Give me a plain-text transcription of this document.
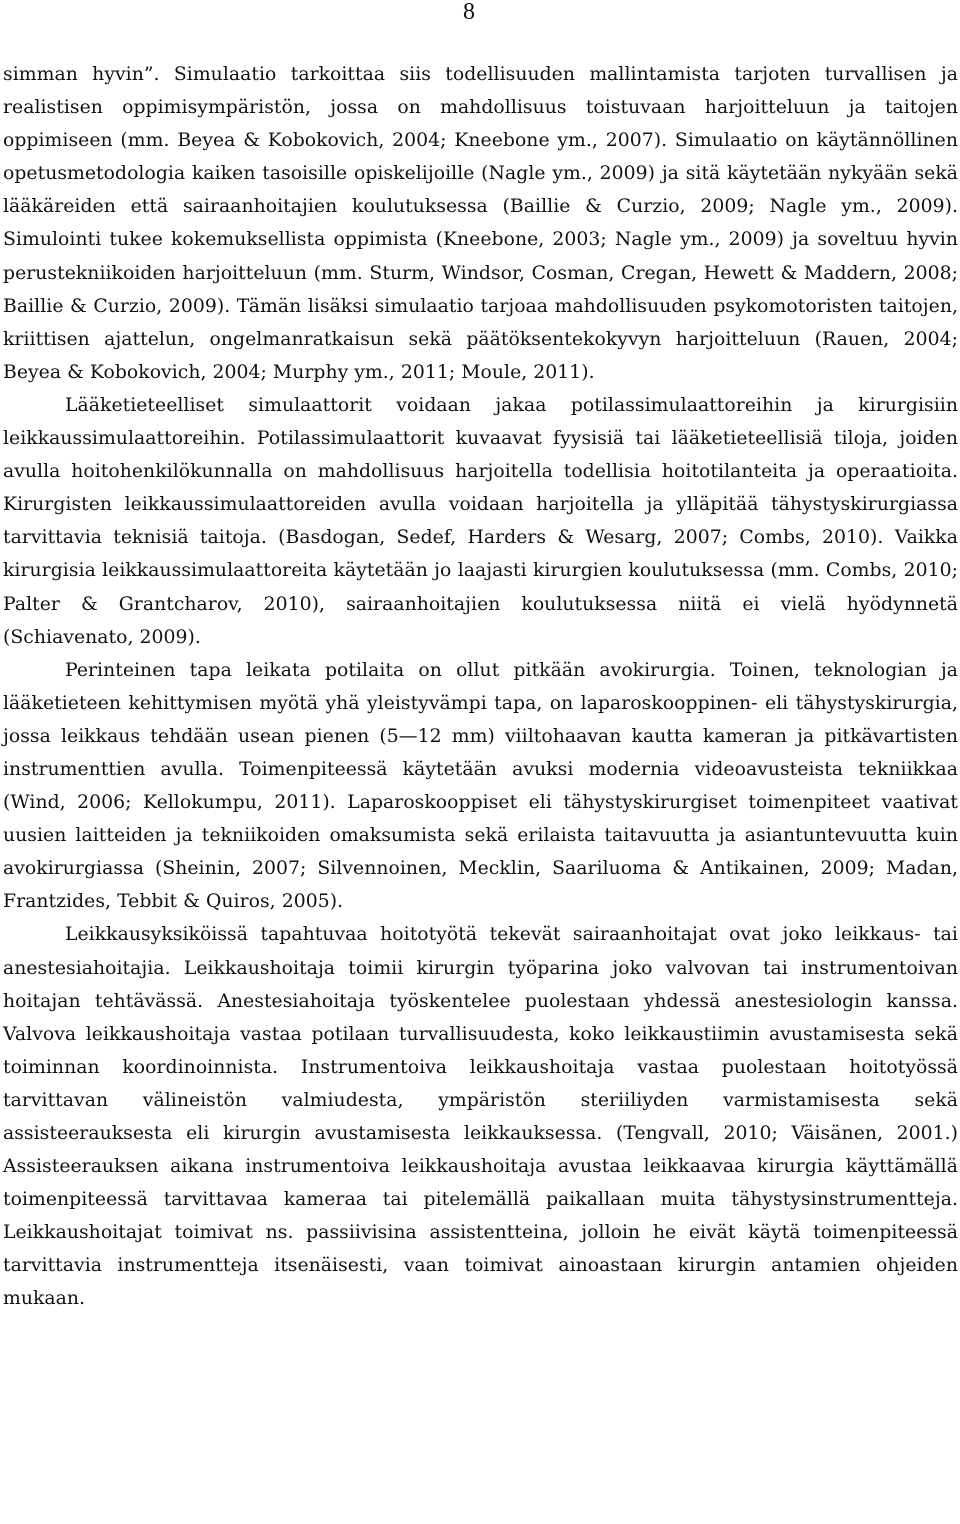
8

simman hyvin”. Simulaatio tarkoittaa siis todellisuuden mallintamista tarjoten turvallisen ja realistisen oppimisympäristön, jossa on mahdollisuus toistuvaan harjoitteluun ja taitojen oppimiseen (mm. Beyea & Kobokovich, 2004; Kneebone ym., 2007). Simulaatio on käytännöllinen opetusmetodologia kaiken tasoisille opiskelijoille (Nagle ym., 2009) ja sitä käytetään nykyään sekä lääkäreiden että sairaanhoitajien koulutuksessa (Baillie & Curzio, 2009; Nagle ym., 2009). Simulointi tukee kokemuksellista oppimista (Kneebone, 2003; Nagle ym., 2009) ja soveltuu hyvin perustekniikoiden harjoitteluun (mm. Sturm, Windsor, Cosman, Cregan, Hewett & Maddern, 2008; Baillie & Curzio, 2009). Tämän lisäksi simulaatio tarjoaa mahdollisuuden psykomotoristen taitojen, kriittisen ajattelun, ongelmanratkaisun sekä päätöksentekokyvyn harjoitteluun (Rauen, 2004; Beyea & Kobokovich, 2004; Murphy ym., 2011; Moule, 2011).

Lääketieteelliset simulaattorit voidaan jakaa potilassimulaattoreihin ja kirurgisiin leikkaussimulaattoreihin. Potilassimulaattorit kuvaavat fyysisiä tai lääketieteellisiä tiloja, joiden avulla hoitohenkilökunnalla on mahdollisuus harjoitella todellisia hoitotilanteita ja operaatioita. Kirurgisten leikkaussimulaattoreiden avulla voidaan harjoitella ja ylläpitää tähystyskirurgiassa tarvittavia teknisiä taitoja. (Basdogan, Sedef, Harders & Wesarg, 2007; Combs, 2010). Vaikka kirurgisia leikkaussimulaattoreita käytetään jo laajasti kirurgien koulutuksessa (mm. Combs, 2010; Palter & Grantcharov, 2010), sairaanhoitajien koulutuksessa niitä ei vielä hyödynnetä (Schiavenato, 2009).

Perinteinen tapa leikata potilaita on ollut pitkään avokirurgia. Toinen, teknologian ja lääketieteen kehittymisen myötä yhä yleistyvämpi tapa, on laparoskooppinen- eli tähystyskirurgia, jossa leikkaus tehdään usean pienen (5—12 mm) viiltohaavan kautta kameran ja pitkävartisten instrumenttien avulla. Toimenpiteessä käytetään avuksi modernia videoavusteista tekniikkaa (Wind, 2006; Kellokumpu, 2011). Laparoskooppiset eli tähystyskirurgiset toimenpiteet vaativat uusien laitteiden ja tekniikoiden omaksumista sekä erilaista taitavuutta ja asiantuntevuutta kuin avokirurgiassa (Sheinin, 2007; Silvennoinen, Mecklin, Saariluoma & Antikainen, 2009; Madan, Frantzides, Tebbit & Quiros, 2005).

Leikkausyksiköissä tapahtuvaa hoitotyötä tekevät sairaanhoitajat ovat joko leikkaus- tai anestesiahoitajia. Leikkaushoitaja toimii kirurgin työparina joko valvovan tai instrumentoivan hoitajan tehtävässä. Anestesiahoitaja työskentelee puolestaan yhdessä anestesiologin kanssa. Valvova leikkaushoitaja vastaa potilaan turvallisuudesta, koko leikkaustiimin avustamisesta sekä toiminnan koordinoinnista. Instrumentoiva leikkaushoitaja vastaa puolestaan hoitotyössä tarvittavan välineistön valmiudesta, ympäristön steriiliyden varmistamisesta sekä assisteerauksesta eli kirurgin avustamisesta leikkauksessa. (Tengvall, 2010; Väisänen, 2001.) Assisteerauksen aikana instrumentoiva leikkaushoitaja avustaa leikkaavaa kirurgia käyttämällä toimenpiteessä tarvittavaa kameraa tai pitelemällä paikallaan muita tähystysinstrumentteja. Leikkaushoitajat toimivat ns. passiivisina assistentteina, jolloin he eivät käytä toimenpiteessä tarvittavia instrumentteja itsenäisesti, vaan toimivat ainoastaan kirurgin antamien ohjeiden mukaan.
